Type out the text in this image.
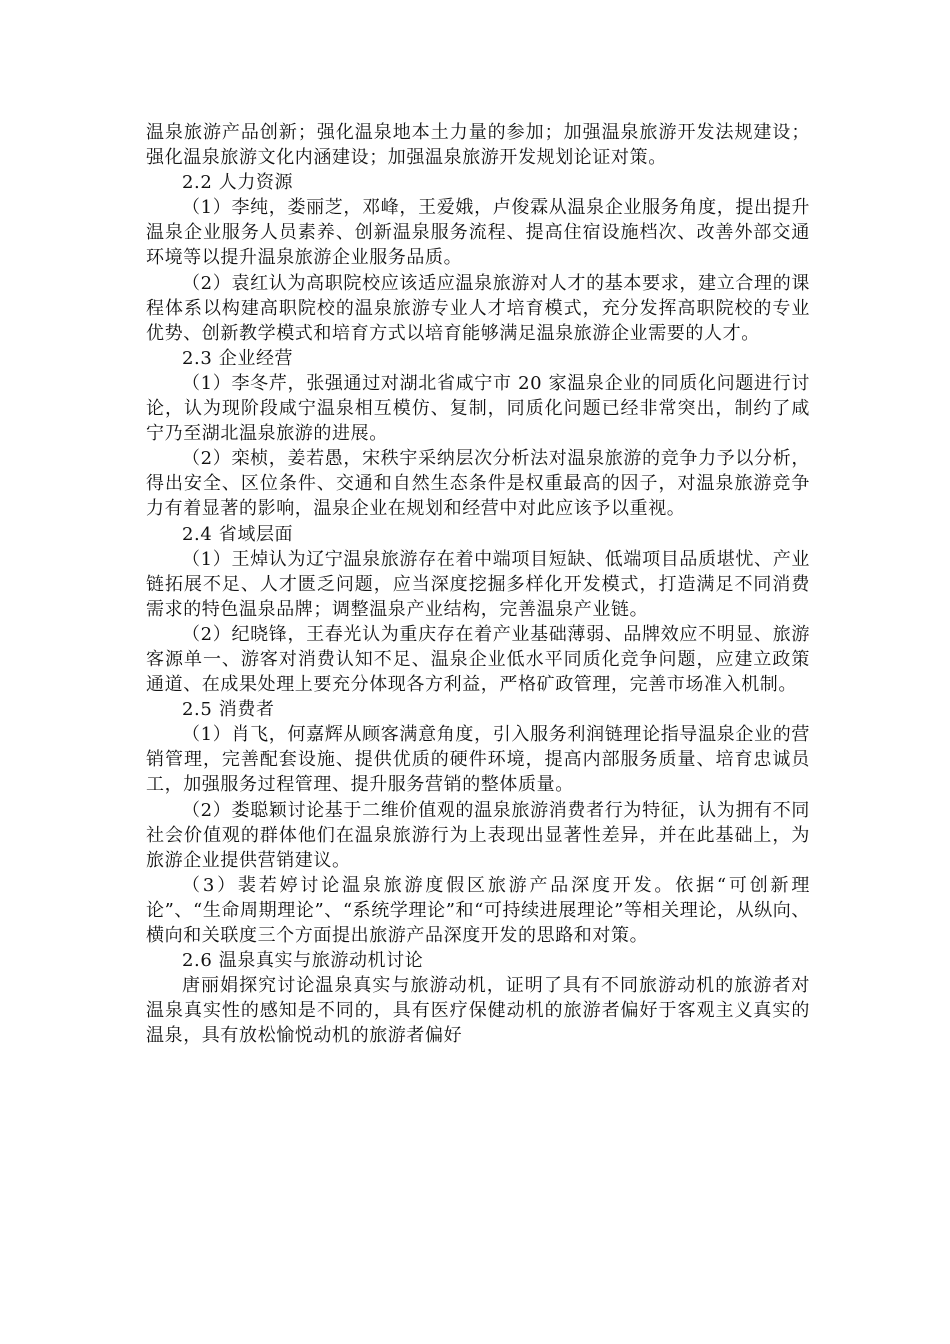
温泉旅游产品创新；强化温泉地本土力量的参加；加强温泉旅游开发法规建设；强化温泉旅游文化内涵建设；加强温泉旅游开发规划论证对策。

2.2 人力资源

（1）李纯，娄丽芝，邓峰，王爱娥，卢俊霖从温泉企业服务角度，提出提升温泉企业服务人员素养、创新温泉服务流程、提高住宿设施档次、改善外部交通环境等以提升温泉旅游企业服务品质。

（2）袁红认为高职院校应该适应温泉旅游对人才的基本要求，建立合理的课程体系以构建高职院校的温泉旅游专业人才培育模式，充分发挥高职院校的专业优势、创新教学模式和培育方式以培育能够满足温泉旅游企业需要的人才。

2.3 企业经营

（1）李冬芹，张强通过对湖北省咸宁市 20 家温泉企业的同质化问题进行讨论，认为现阶段咸宁温泉相互模仿、复制，同质化问题已经非常突出，制约了咸宁乃至湖北温泉旅游的进展。

（2）栾桢，姜若愚，宋秩宇采纳层次分析法对温泉旅游的竞争力予以分析，得出安全、区位条件、交通和自然生态条件是权重最高的因子，对温泉旅游竞争力有着显著的影响，温泉企业在规划和经营中对此应该予以重视。

2.4 省域层面

（1）王焯认为辽宁温泉旅游存在着中端项目短缺、低端项目品质堪忧、产业链拓展不足、人才匮乏问题，应当深度挖掘多样化开发模式，打造满足不同消费需求的特色温泉品牌；调整温泉产业结构，完善温泉产业链。

（2）纪晓锋，王春光认为重庆存在着产业基础薄弱、品牌效应不明显、旅游客源单一、游客对消费认知不足、温泉企业低水平同质化竞争问题，应建立政策通道、在成果处理上要充分体现各方利益，严格矿政管理，完善市场准入机制。

2.5 消费者

（1）肖飞，何嘉辉从顾客满意角度，引入服务利润链理论指导温泉企业的营销管理，完善配套设施、提供优质的硬件环境，提高内部服务质量、培育忠诚员工，加强服务过程管理、提升服务营销的整体质量。

（2）娄聪颖讨论基于二维价值观的温泉旅游消费者行为特征，认为拥有不同社会价值观的群体他们在温泉旅游行为上表现出显著性差异，并在此基础上，为旅游企业提供营销建议。

（3）裴若婷讨论温泉旅游度假区旅游产品深度开发。依据“可创新理论”、“生命周期理论”、“系统学理论”和“可持续进展理论”等相关理论，从纵向、横向和关联度三个方面提出旅游产品深度开发的思路和对策。

2.6 温泉真实与旅游动机讨论

唐丽娟探究讨论温泉真实与旅游动机，证明了具有不同旅游动机的旅游者对温泉真实性的感知是不同的，具有医疗保健动机的旅游者偏好于客观主义真实的温泉，具有放松愉悦动机的旅游者偏好
